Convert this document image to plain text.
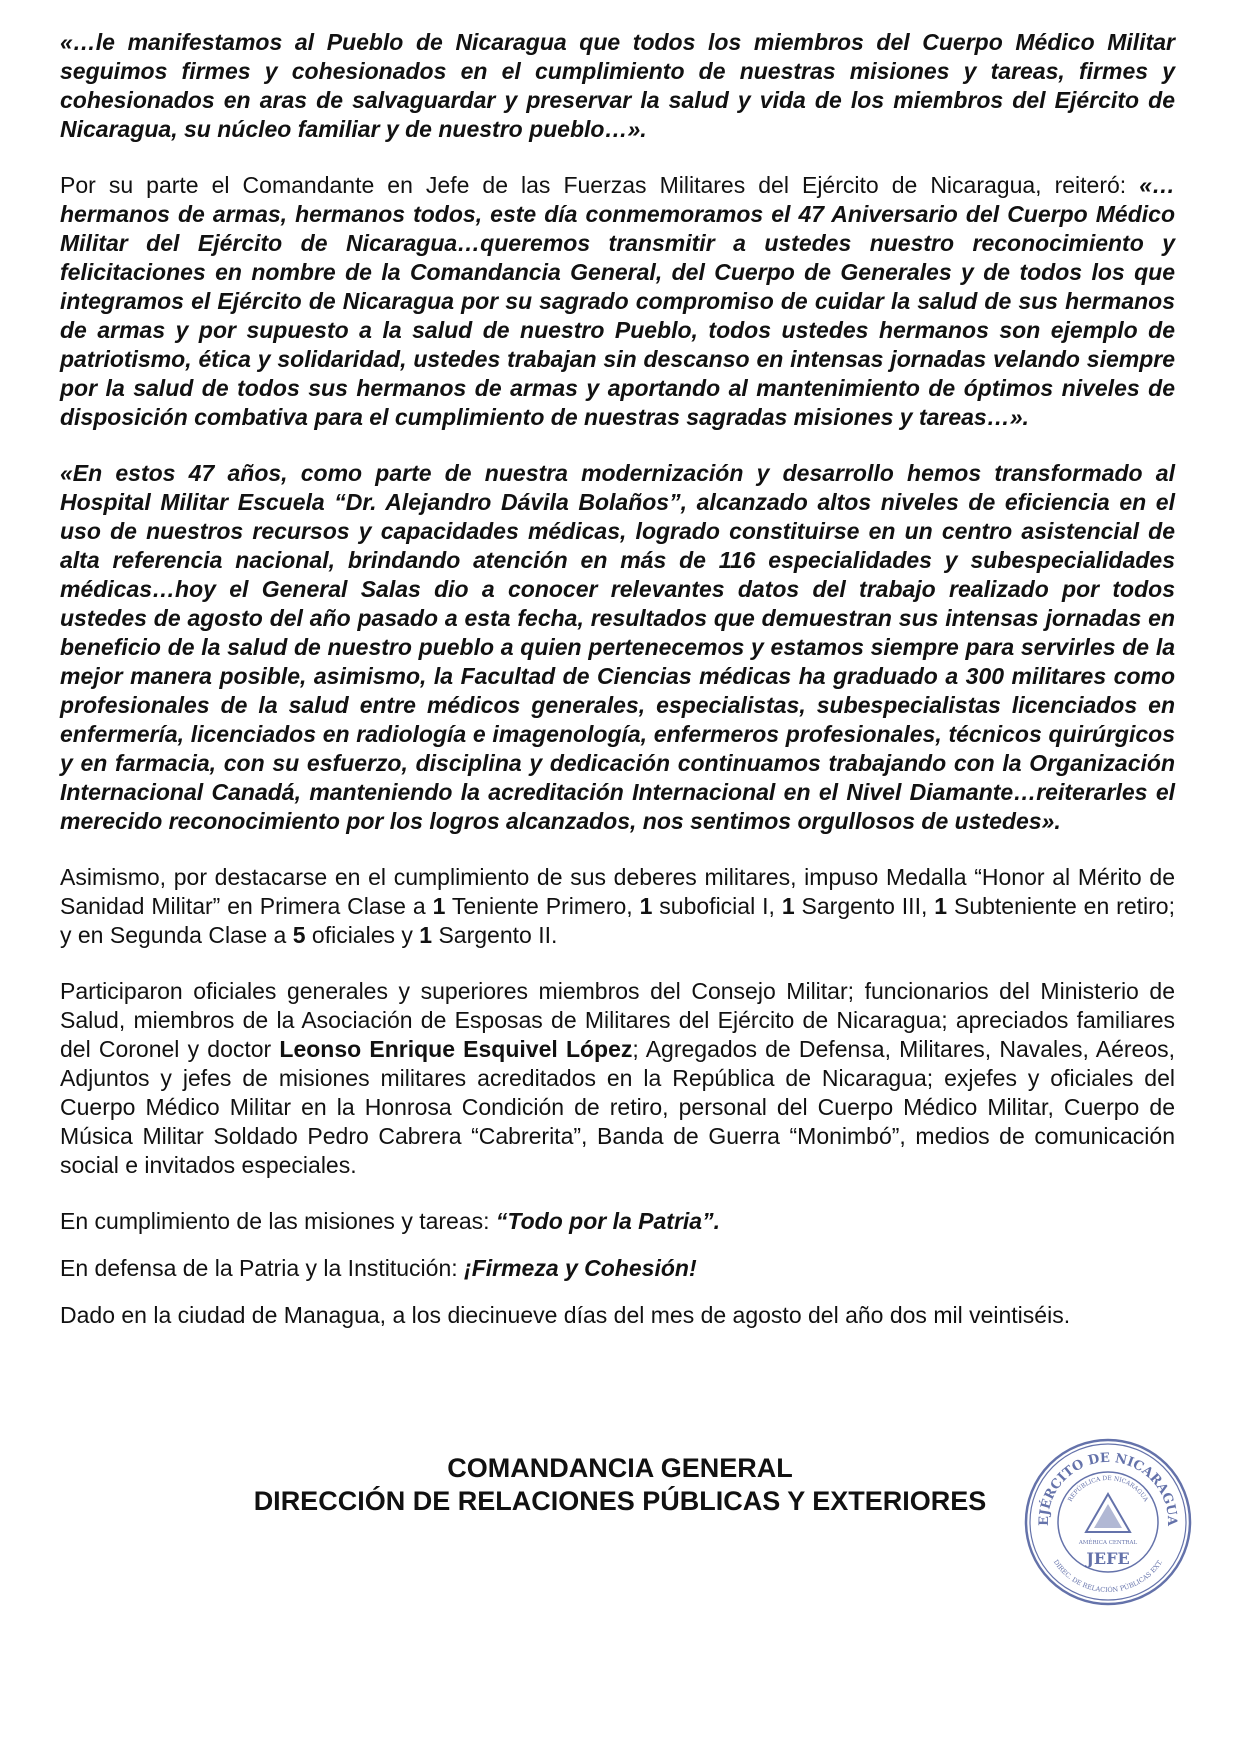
«…le manifestamos al Pueblo de Nicaragua que todos los miembros del Cuerpo Médico Militar seguimos firmes y cohesionados en el cumplimiento de nuestras misiones y tareas, firmes y cohesionados en aras de salvaguardar y preservar la salud y vida de los miembros del Ejército de Nicaragua, su núcleo familiar y de nuestro pueblo…».

Por su parte el Comandante en Jefe de las Fuerzas Militares del Ejército de Nicaragua, reiteró: «…hermanos de armas, hermanos todos, este día conmemoramos el 47 Aniversario del Cuerpo Médico Militar del Ejército de Nicaragua…queremos transmitir a ustedes nuestro reconocimiento y felicitaciones en nombre de la Comandancia General, del Cuerpo de Generales y de todos los que integramos el Ejército de Nicaragua por su sagrado compromiso de cuidar la salud de sus hermanos de armas y por supuesto a la salud de nuestro Pueblo, todos ustedes hermanos son ejemplo de patriotismo, ética y solidaridad, ustedes trabajan sin descanso en intensas jornadas velando siempre por la salud de todos sus hermanos de armas y aportando al mantenimiento de óptimos niveles de disposición combativa para el cumplimiento de nuestras sagradas misiones y tareas…».

«En estos 47 años, como parte de nuestra modernización y desarrollo hemos transformado al Hospital Militar Escuela “Dr. Alejandro Dávila Bolaños”, alcanzado altos niveles de eficiencia en el uso de nuestros recursos y capacidades médicas, logrado constituirse en un centro asistencial de alta referencia nacional, brindando atención en más de 116 especialidades y subespecialidades médicas…hoy el General Salas dio a conocer relevantes datos del trabajo realizado por todos ustedes de agosto del año pasado a esta fecha, resultados que demuestran sus intensas jornadas en beneficio de la salud de nuestro pueblo a quien pertenecemos y estamos siempre para servirles de la mejor manera posible, asimismo, la Facultad de Ciencias médicas ha graduado a 300 militares como profesionales de la salud entre médicos generales, especialistas, subespecialistas licenciados en enfermería, licenciados en radiología e imagenología, enfermeros profesionales, técnicos quirúrgicos y en farmacia, con su esfuerzo, disciplina y dedicación continuamos trabajando con la Organización Internacional Canadá, manteniendo la acreditación Internacional en el Nivel Diamante…reiterarles el merecido reconocimiento por los logros alcanzados, nos sentimos orgullosos de ustedes».

Asimismo, por destacarse en el cumplimiento de sus deberes militares, impuso Medalla “Honor al Mérito de Sanidad Militar” en Primera Clase a 1 Teniente Primero, 1 suboficial I, 1 Sargento III, 1 Subteniente en retiro; y en Segunda Clase a 5 oficiales y 1 Sargento II.

Participaron oficiales generales y superiores miembros del Consejo Militar; funcionarios del Ministerio de Salud, miembros de la Asociación de Esposas de Militares del Ejército de Nicaragua; apreciados familiares del Coronel y doctor Leonso Enrique Esquivel López; Agregados de Defensa, Militares, Navales, Aéreos, Adjuntos y jefes de misiones militares acreditados en la República de Nicaragua; exjefes y oficiales del Cuerpo Médico Militar en la Honrosa Condición de retiro, personal del Cuerpo Médico Militar, Cuerpo de Música Militar Soldado Pedro Cabrera “Cabrerita”, Banda de Guerra “Monimbó”, medios de comunicación social e invitados especiales.

En cumplimiento de las misiones y tareas: “Todo por la Patria”.

En defensa de la Patria y la Institución: ¡Firmeza y Cohesión!

Dado en la ciudad de Managua, a los diecinueve días del mes de agosto del año dos mil veintiséis.

COMANDANCIA GENERAL
DIRECCIÓN DE RELACIONES PÚBLICAS Y EXTERIORES
EJÉRCITO DE NICARAGUA
REPÚBLICA DE NICARAGUA
DIREC. DE RELACIÓN PÚBLICAS EXT.
AMÉRICA CENTRAL
JEFE
